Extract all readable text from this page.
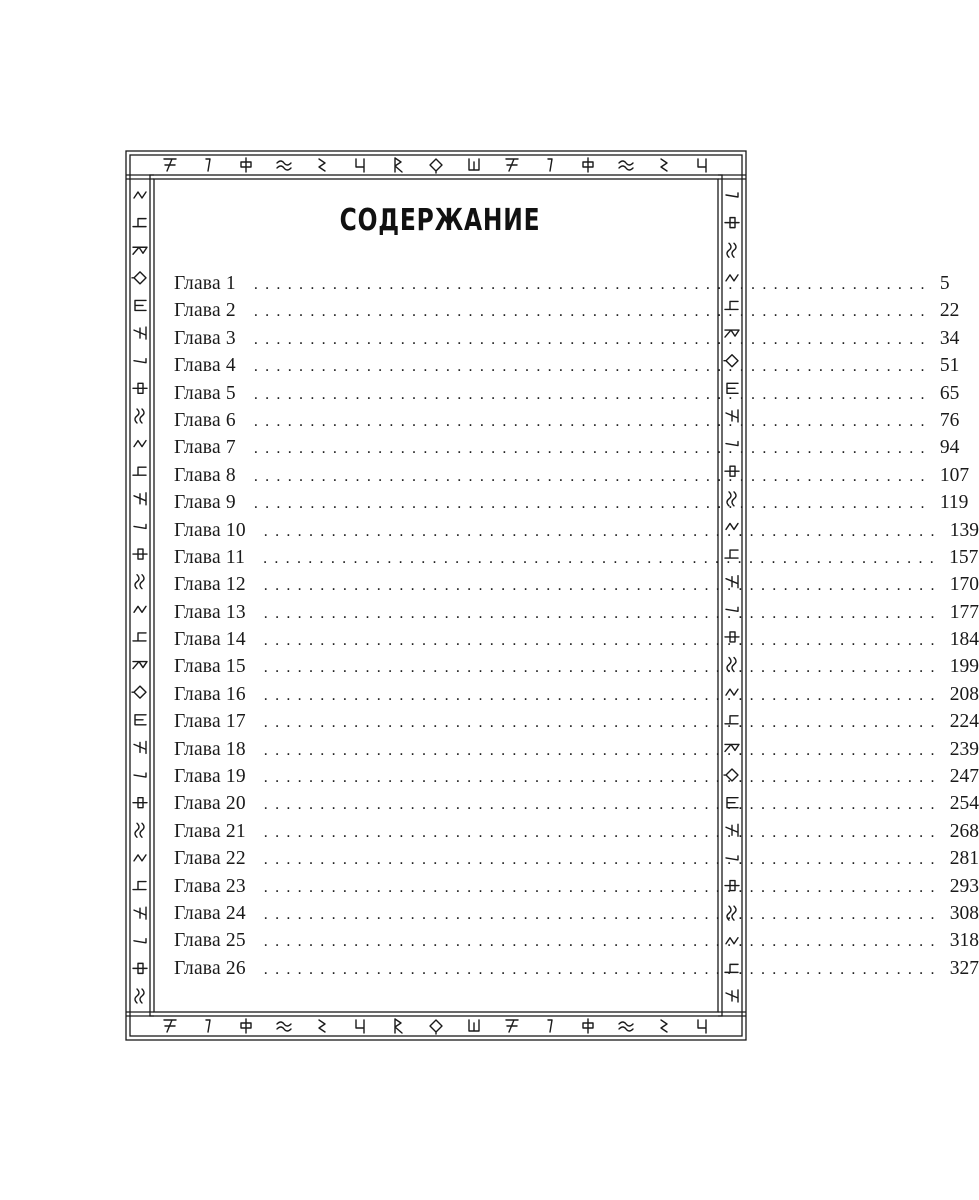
СОДЕРЖАНИЕ
Глава 1 ............................................................ 5
Глава 2 ............................................................ 22
Глава 3 ............................................................ 34
Глава 4 ............................................................ 51
Глава 5 ............................................................ 65
Глава 6 ............................................................ 76
Глава 7 ............................................................ 94
Глава 8 ............................................................ 107
Глава 9 ............................................................ 119
Глава 10 ............................................................ 139
Глава 11 ............................................................ 157
Глава 12 ............................................................ 170
Глава 13 ............................................................ 177
Глава 14 ............................................................ 184
Глава 15 ............................................................ 199
Глава 16 ............................................................ 208
Глава 17 ............................................................ 224
Глава 18 ............................................................ 239
Глава 19 ............................................................ 247
Глава 20 ............................................................ 254
Глава 21 ............................................................ 268
Глава 22 ............................................................ 281
Глава 23 ............................................................ 293
Глава 24 ............................................................ 308
Глава 25 ............................................................ 318
Глава 26 ............................................................ 327
